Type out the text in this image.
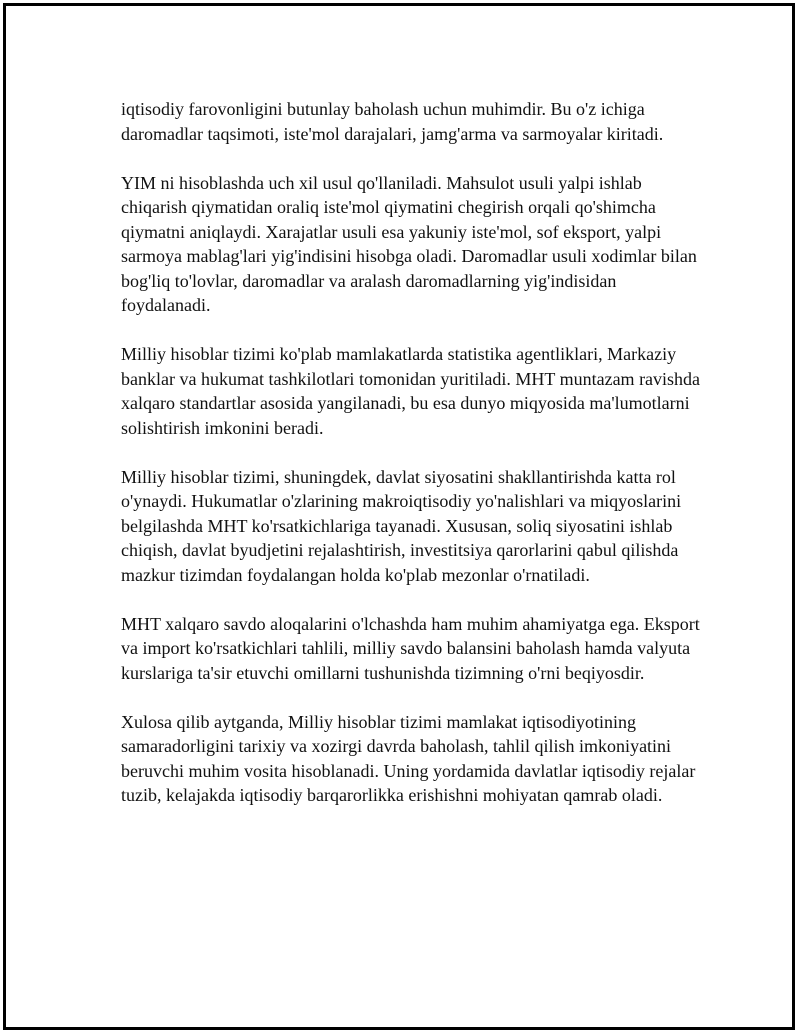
iqtisodiy farovonligini butunlay baholash uchun muhimdir. Bu o'z ichiga daromadlar taqsimoti, iste'mol darajalari, jamg'arma va sarmoyalar kiritadi.

YIM ni hisoblashda uch xil usul qo'llaniladi. Mahsulot usuli yalpi ishlab chiqarish qiymatidan oraliq iste'mol qiymatini chegirish orqali qo'shimcha qiymatni aniqlaydi. Xarajatlar usuli esa yakuniy iste'mol, sof eksport, yalpi sarmoya mablag'lari yig'indisini hisobga oladi. Daromadlar usuli xodimlar bilan bog'liq to'lovlar, daromadlar va aralash daromadlarning yig'indisidan foydalanadi.

Milliy hisoblar tizimi ko'plab mamlakatlarda statistika agentliklari, Markaziy banklar va hukumat tashkilotlari tomonidan yuritiladi. MHT muntazam ravishda xalqaro standartlar asosida yangilanadi, bu esa dunyo miqyosida ma'lumotlarni solishtirish imkonini beradi.

Milliy hisoblar tizimi, shuningdek, davlat siyosatini shakllantirishda katta rol o'ynaydi. Hukumatlar o'zlarining makroiqtisodiy yo'nalishlari va miqyoslarini belgilashda MHT ko'rsatkichlariga tayanadi. Xususan, soliq siyosatini ishlab chiqish, davlat byudjetini rejalashtirish, investitsiya qarorlarini qabul qilishda mazkur tizimdan foydalangan holda ko'plab mezonlar o'rnatiladi.

MHT xalqaro savdo aloqalarini o'lchashda ham muhim ahamiyatga ega. Eksport va import ko'rsatkichlari tahlili, milliy savdo balansini baholash hamda valyuta kurslariga ta'sir etuvchi omillarni tushunishda tizimning o'rni beqiyosdir.

Xulosa qilib aytganda, Milliy hisoblar tizimi mamlakat iqtisodiyotining samaradorligini tarixiy va xozirgi davrda baholash, tahlil qilish imkoniyatini beruvchi muhim vosita hisoblanadi. Uning yordamida davlatlar iqtisodiy rejalar tuzib, kelajakda iqtisodiy barqarorlikka erishishni mohiyatan qamrab oladi.
